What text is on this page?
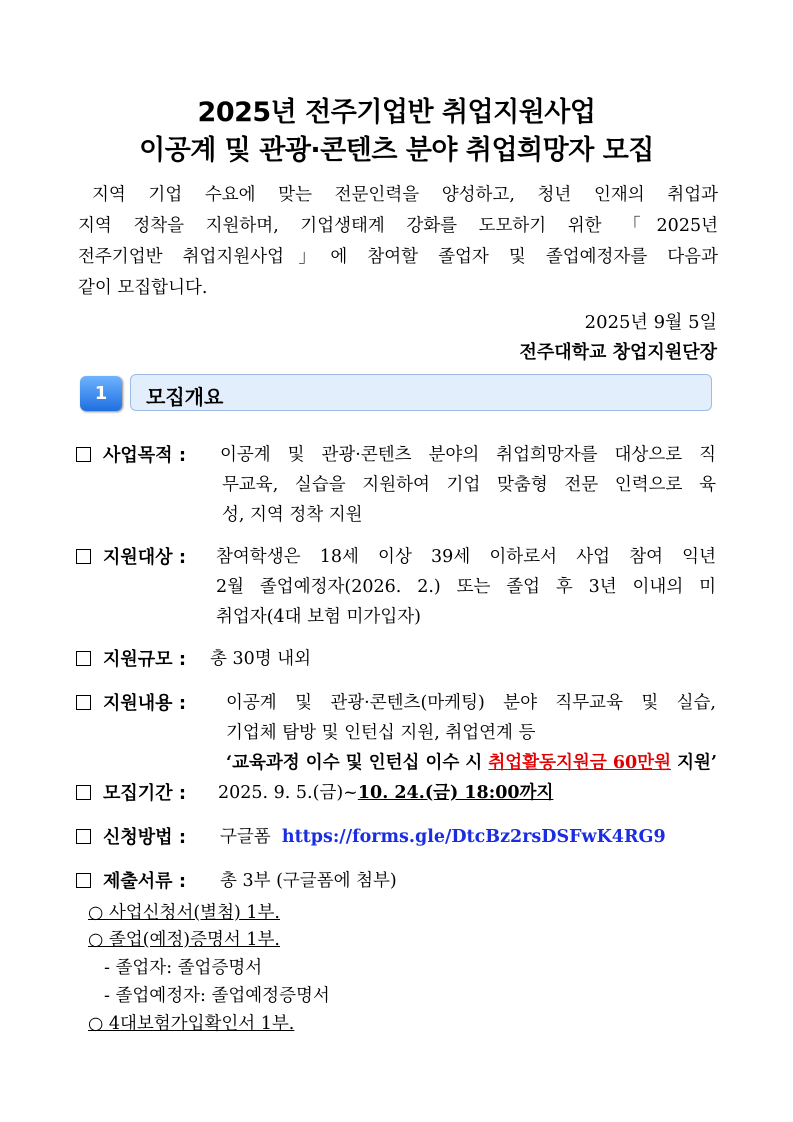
2025년 전주기업반 취업지원사업
이공계 및 관광·콘텐츠 분야 취업희망자 모집
지역 기업 수요에 맞는 전문인력을 양성하고, 청년 인재의 취업과
지역 정착을 지원하며, 기업생태계 강화를 도모하기 위한 「2025년
전주기업반 취업지원사업」에 참여할 졸업자 및 졸업예정자를 다음과
같이 모집합니다.
2025년 9월 5일
전주대학교 창업지원단장
1	모집개요
사업목적 : 이공계 및 관광·콘텐츠 분야의 취업희망자를 대상으로 직
무교육, 실습을 지원하여 기업 맞춤형 전문 인력으로 육
성, 지역 정착 지원
지원대상 : 참여학생은 18세 이상 39세 이하로서 사업 참여 익년
2월 졸업예정자(2026. 2.) 또는 졸업 후 3년 이내의 미
취업자(4대 보험 미가입자)
지원규모 : 총 30명 내외
지원내용 : 이공계 및 관광·콘텐츠(마케팅) 분야 직무교육 및 실습,
기업체 탐방 및 인턴십 지원, 취업연계 등
‘교육과정 이수 및 인턴십 이수 시 취업활동지원금 60만원 지원’
모집기간 : 2025. 9. 5.(금)~10. 24.(금) 18:00까지
신청방법 : 구글폼 https://forms.gle/DtcBz2rsDSFwK4RG9
제출서류 : 총 3부 (구글폼에 첨부)
○ 사업신청서(별첨) 1부.
○ 졸업(예정)증명서 1부.
- 졸업자: 졸업증명서
- 졸업예정자: 졸업예정증명서
○ 4대보험가입확인서 1부.
